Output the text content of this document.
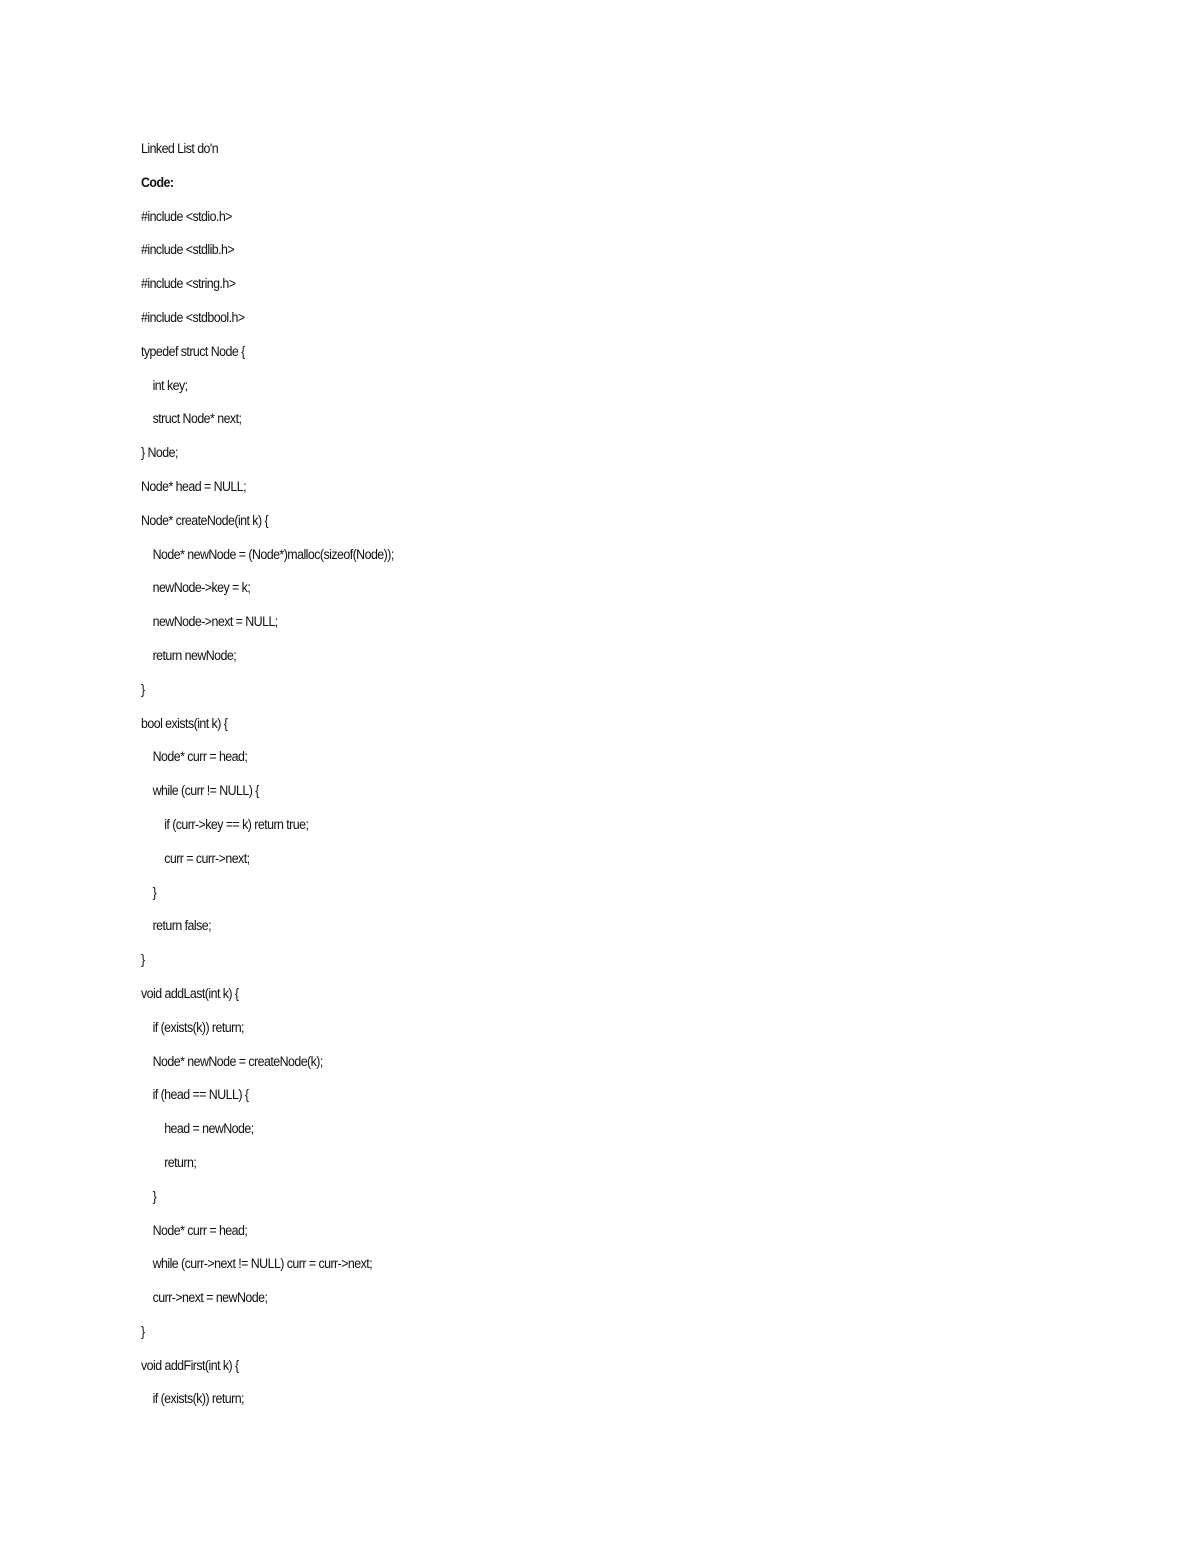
Linked List do'n
Code:
#include <stdio.h>
#include <stdlib.h>
#include <string.h>
#include <stdbool.h>
typedef struct Node {
int key;
struct Node* next;
} Node;
Node* head = NULL;
Node* createNode(int k) {
Node* newNode = (Node*)malloc(sizeof(Node));
newNode->key = k;
newNode->next = NULL;
return newNode;
}
bool exists(int k) {
Node* curr = head;
while (curr != NULL) {
if (curr->key == k) return true;
curr = curr->next;
}
return false;
}
void addLast(int k) {
if (exists(k)) return;
Node* newNode = createNode(k);
if (head == NULL) {
head = newNode;
return;
}
Node* curr = head;
while (curr->next != NULL) curr = curr->next;
curr->next = newNode;
}
void addFirst(int k) {
if (exists(k)) return;
